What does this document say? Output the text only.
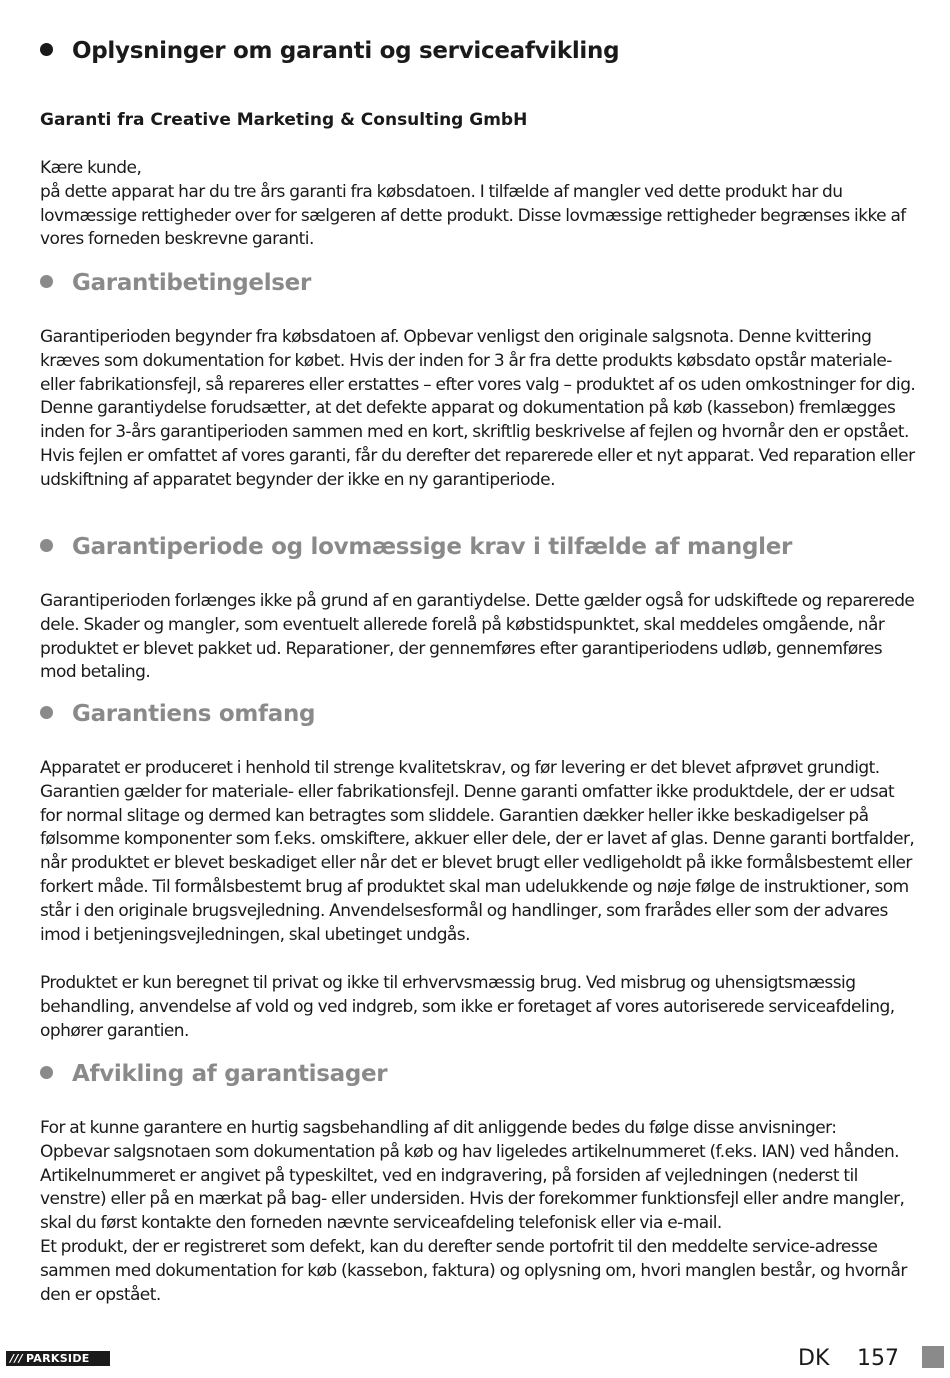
Oplysninger om garanti og serviceafvikling
Garanti fra Creative Marketing & Consulting GmbH
Kære kunde,
på dette apparat har du tre års garanti fra købsdatoen. I tilfælde af mangler ved dette produkt har du lovmæssige rettigheder over for sælgeren af dette produkt. Disse lovmæssige rettigheder begrænses ikke af vores forneden beskrevne garanti.
Garantibetingelser
Garantiperioden begynder fra købsdatoen af. Opbevar venligst den originale salgsnota. Denne kvittering kræves som dokumentation for købet. Hvis der inden for 3 år fra dette produkts købsdato opstår materiale- eller fabrikationsfejl, så repareres eller erstattes – efter vores valg – produktet af os uden omkostninger for dig. Denne garantiydelse forudsætter, at det defekte apparat og dokumentation på køb (kassebon) fremlægges inden for 3-års garantiperioden sammen med en kort, skriftlig beskrivelse af fejlen og hvornår den er opstået.
Hvis fejlen er omfattet af vores garanti, får du derefter det reparerede eller et nyt apparat. Ved reparation eller udskiftning af apparatet begynder der ikke en ny garantiperiode.
Garantiperiode og lovmæssige krav i tilfælde af mangler
Garantiperioden forlænges ikke på grund af en garantiydelse. Dette gælder også for udskiftede og reparerede dele. Skader og mangler, som eventuelt allerede forelå på købstidspunktet, skal meddeles omgående, når produktet er blevet pakket ud. Reparationer, der gennemføres efter garantiperiodens udløb, gennemføres mod betaling.
Garantiens omfang
Apparatet er produceret i henhold til strenge kvalitetskrav, og før levering er det blevet afprøvet grundigt. Garantien gælder for materiale- eller fabrikationsfejl. Denne garanti omfatter ikke produktdele, der er udsat for normal slitage og dermed kan betragtes som sliddele. Garantien dækker heller ikke beskadigelser på følsomme komponenter som f.eks. omskiftere, akkuer eller dele, der er lavet af glas. Denne garanti bortfalder, når produktet er blevet beskadiget eller når det er blevet brugt eller vedligeholdt på ikke formålsbestemt eller forkert måde. Til formålsbestemt brug af produktet skal man udelukkende og nøje følge de instruktioner, som står i den originale brugsvejledning. Anvendelsesformål og handlinger, som frarådes eller som der advares imod i betjeningsvejledningen, skal ubetinget undgås.
Produktet er kun beregnet til privat og ikke til erhvervsmæssig brug. Ved misbrug og uhensigtsmæssig behandling, anvendelse af vold og ved indgreb, som ikke er foretaget af vores autoriserede serviceafdeling, ophører garantien.
Afvikling af garantisager
For at kunne garantere en hurtig sagsbehandling af dit anliggende bedes du følge disse anvisninger:
Opbevar salgsnotaen som dokumentation på køb og hav ligeledes artikelnummeret (f.eks. IAN) ved hånden. Artikelnummeret er angivet på typeskiltet, ved en indgravering, på forsiden af vejledningen (nederst til venstre) eller på en mærkat på bag- eller undersiden. Hvis der forekommer funktionsfejl eller andre mangler, skal du først kontakte den forneden nævnte serviceafdeling telefonisk eller via e-mail.
Et produkt, der er registreret som defekt, kan du derefter sende portofrit til den meddelte service-adresse sammen med dokumentation for køb (kassebon, faktura) og oplysning om, hvori manglen består, og hvornår den er opstået.
/// PARKSIDE	DK 157
